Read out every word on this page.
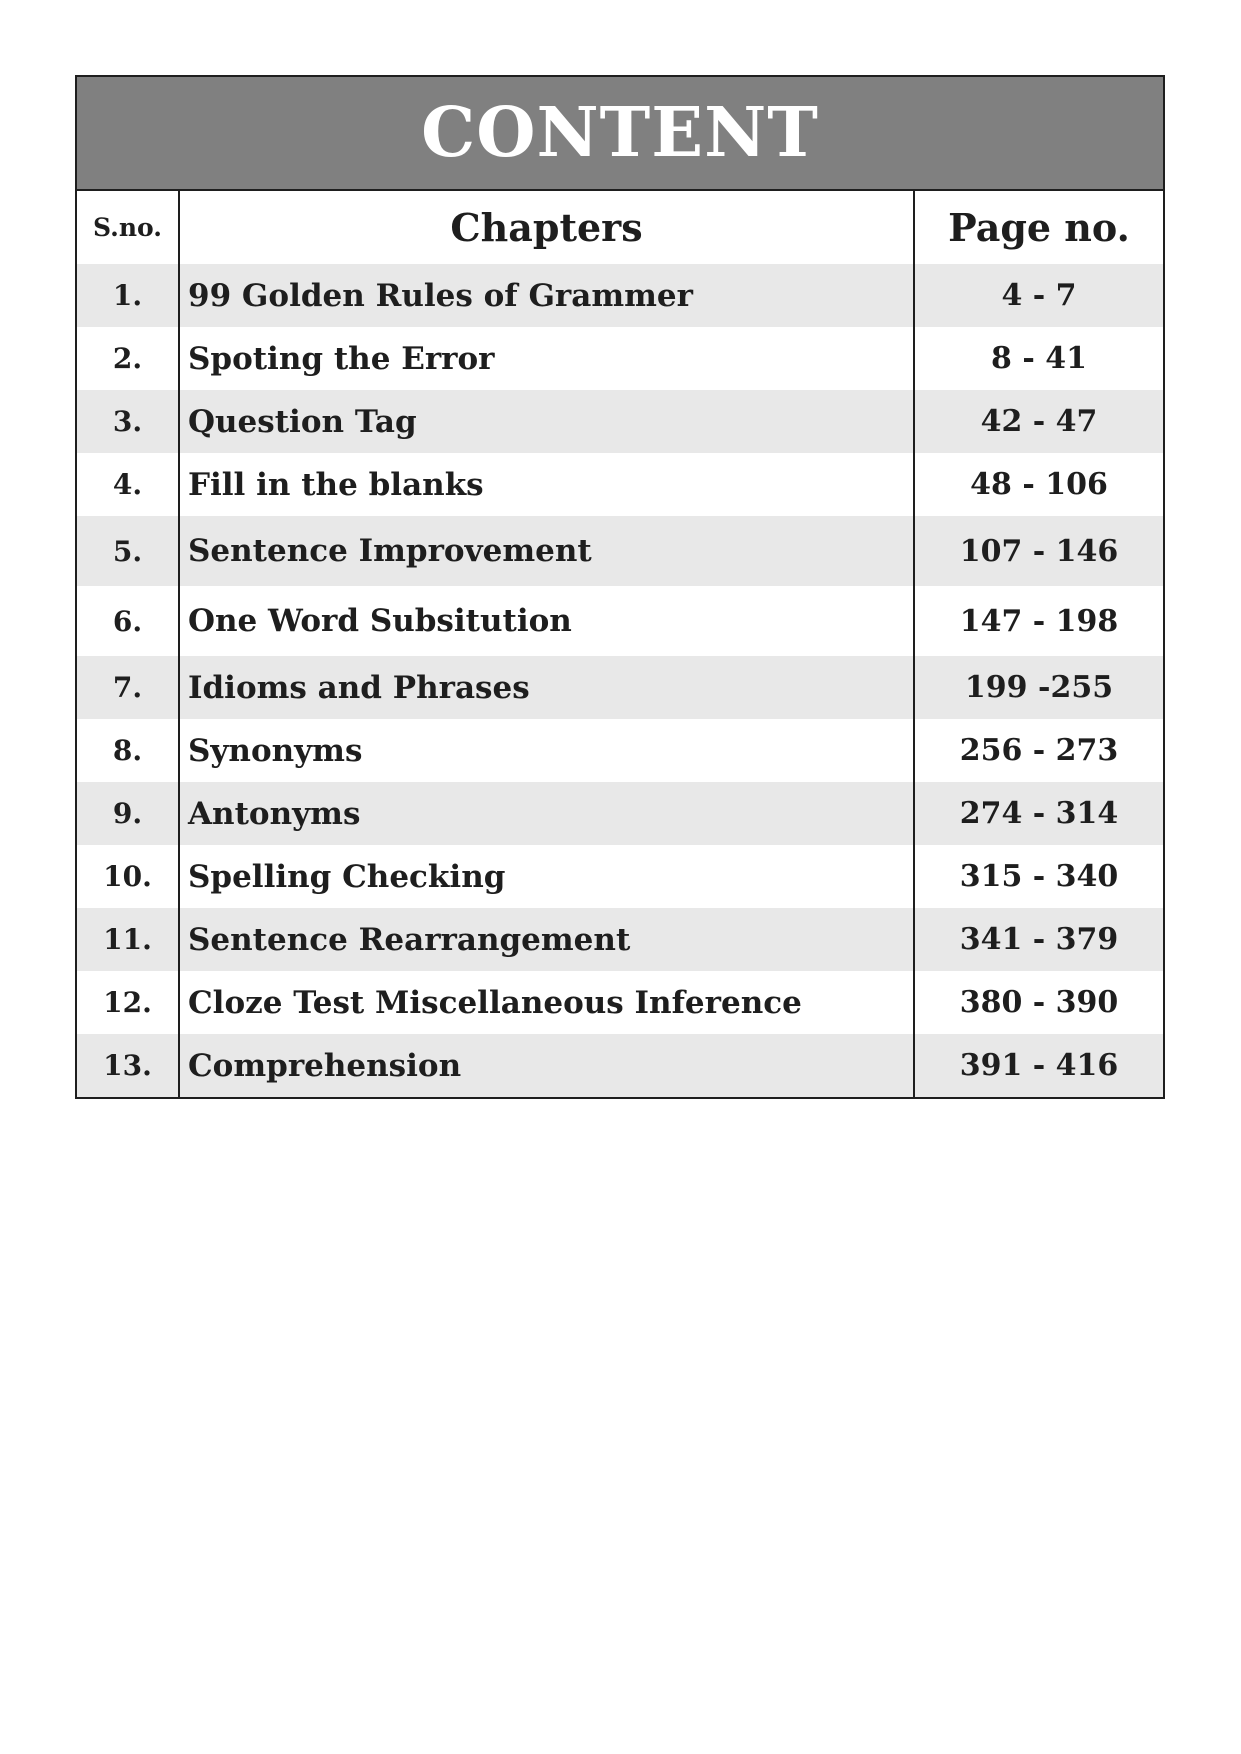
CONTENT
S.no.	Chapters	Page no.
1.	99 Golden Rules of Grammer	4 - 7
2.	Spoting the Error	8 - 41
3.	Question Tag	42 - 47
4.	Fill in the blanks	48 - 106
5.	Sentence Improvement	107 - 146
6.	One Word Subsitution	147 - 198
7.	Idioms and Phrases	199 -255
8.	Synonyms	256 - 273
9.	Antonyms	274 - 314
10.	Spelling Checking	315 - 340
11.	Sentence Rearrangement	341 - 379
12.	Cloze Test Miscellaneous Inference	380 - 390
13.	Comprehension	391 - 416
